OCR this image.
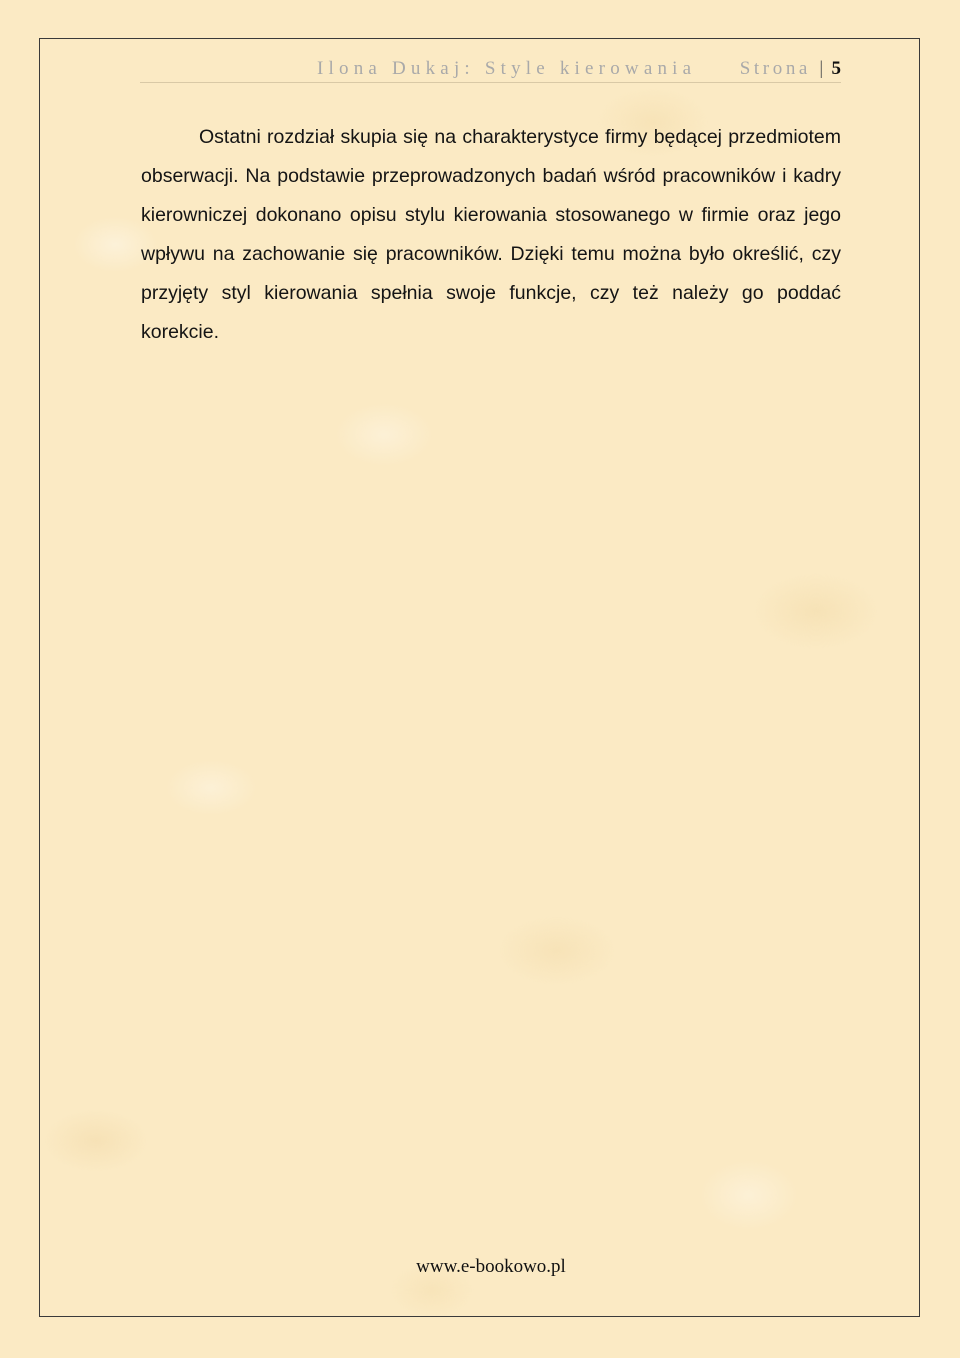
Ilona Dukaj: Style kierowania Strona | 5

Ostatni rozdział skupia się na charakterystyce firmy będącej przedmiotem obserwacji. Na podstawie przeprowadzonych badań wśród pracowników i kadry kierowniczej dokonano opisu stylu kierowania stosowanego w firmie oraz jego wpływu na zachowanie się pracowników. Dzięki temu można było określić, czy przyjęty styl kierowania spełnia swoje funkcje, czy też należy go poddać korekcie.

www.e-bookowo.pl
